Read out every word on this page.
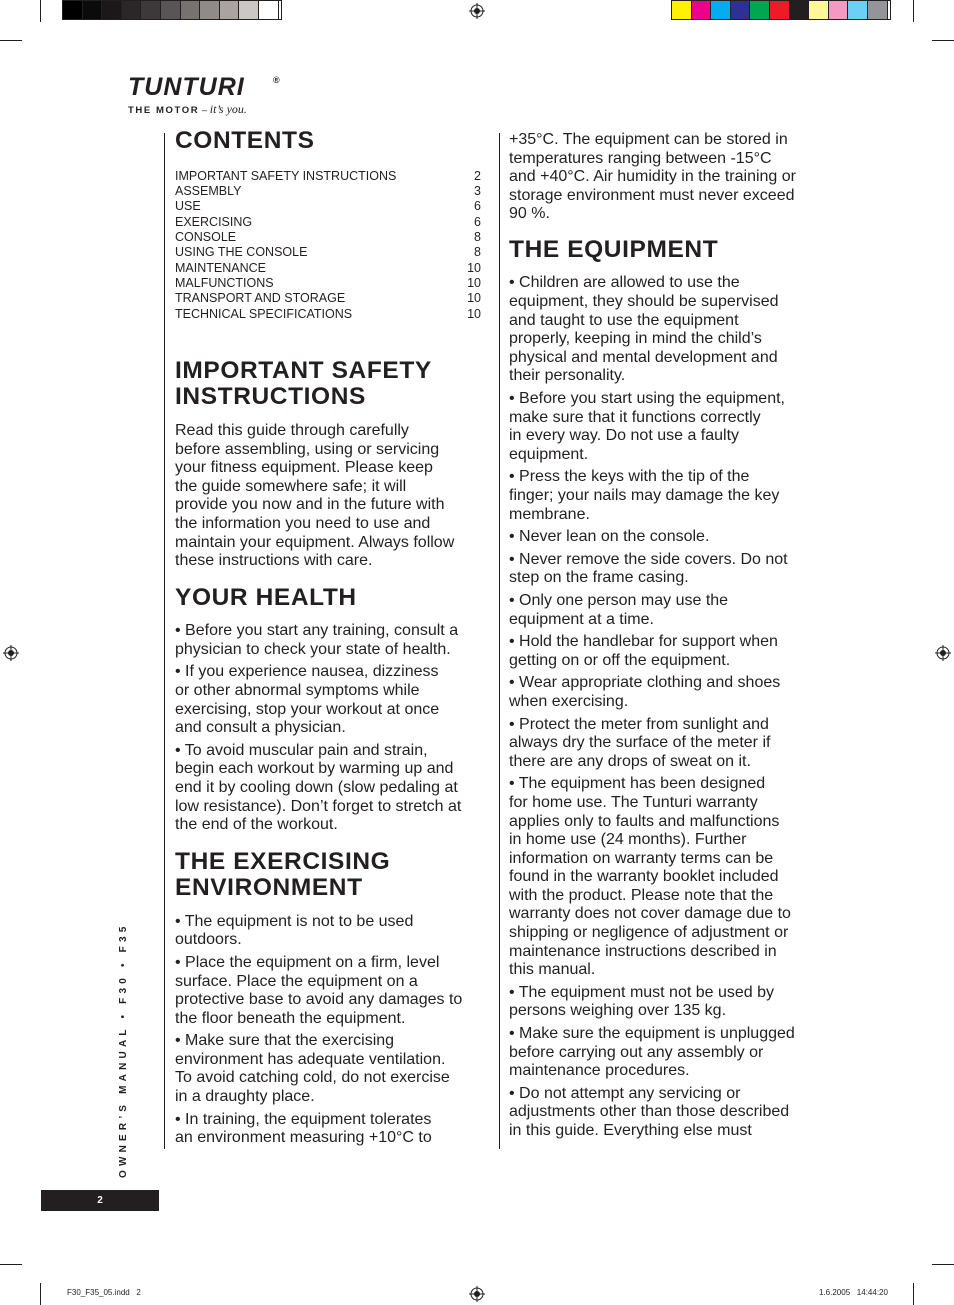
TUNTURI	®
THE MOTOR – it’s you.
CONTENTS
IMPORTANT SAFETY INSTRUCTIONS	2
ASSEMBLY	3
USE	6
EXERCISING	6
CONSOLE	8
USING THE CONSOLE	8
MAINTENANCE	10
MALFUNCTIONS	10
TRANSPORT AND STORAGE	10
TECHNICAL SPECIFICATIONS	10
IMPORTANT SAFETY
INSTRUCTIONS

Read this guide through carefully
before assembling, using or servicing
your fitness equipment. Please keep
the guide somewhere safe; it will
provide you now and in the future with
the information you need to use and
maintain your equipment. Always follow
these instructions with care.

YOUR HEALTH

• Before you start any training, consult a
physician to check your state of health.

• If you experience nausea, dizziness
or other abnormal symptoms while
exercising, stop your workout at once
and consult a physician.

• To avoid muscular pain and strain,
begin each workout by warming up and
end it by cooling down (slow pedaling at
low resistance). Don’t forget to stretch at
the end of the workout.

THE EXERCISING
ENVIRONMENT

• The equipment is not to be used
outdoors.

• Place the equipment on a firm, level
surface. Place the equipment on a
protective base to avoid any damages to
the floor beneath the equipment.

• Make sure that the exercising
environment has adequate ventilation.
To avoid catching cold, do not exercise
in a draughty place.

• In training, the equipment tolerates
an environment measuring +10°C to

+35°C. The equipment can be stored in
temperatures ranging between -15°C
and +40°C. Air humidity in the training or
storage environment must never exceed
90 %.

THE EQUIPMENT

• Children are allowed to use the
equipment, they should be supervised
and taught to use the equipment
properly, keeping in mind the child’s
physical and mental development and
their personality.

• Before you start using the equipment,
make sure that it functions correctly
in every way. Do not use a faulty
equipment.

• Press the keys with the tip of the
finger; your nails may damage the key
membrane.

• Never lean on the console.

• Never remove the side covers. Do not
step on the frame casing.

• Only one person may use the
equipment at a time.

• Hold the handlebar for support when
getting on or off the equipment.

• Wear appropriate clothing and shoes
when exercising.

• Protect the meter from sunlight and
always dry the surface of the meter if
there are any drops of sweat on it.

• The equipment has been designed
for home use. The Tunturi warranty
applies only to faults and malfunctions
in home use (24 months). Further
information on warranty terms can be
found in the warranty booklet included
with the product. Please note that the
warranty does not cover damage due to
shipping or negligence of adjustment or
maintenance instructions described in
this manual.

• The equipment must not be used by
persons weighing over 135 kg.

• Make sure the equipment is unplugged
before carrying out any assembly or
maintenance procedures.

• Do not attempt any servicing or
adjustments other than those described
in this guide. Everything else must

OWNER’S MANUAL • F30 • F35
2
F30_F35_05.indd   2	1.6.2005   14:44:20
